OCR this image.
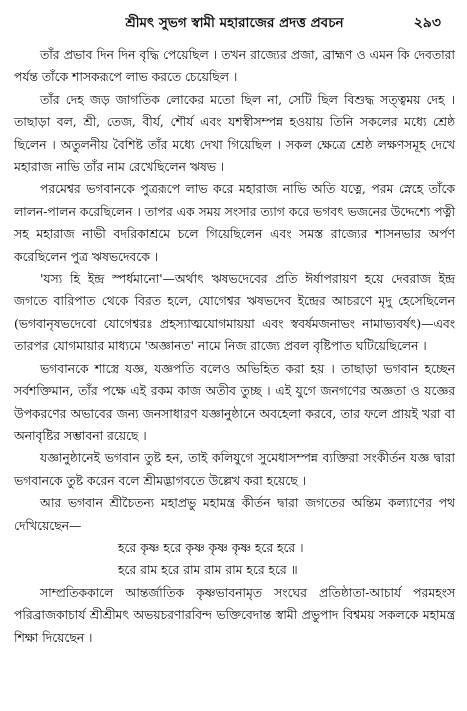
শ্রীমৎ সুভগ স্বামী মহারাজের প্রদত্ত প্রবচন	২৯৩

তাঁর প্রভাব দিন দিন বৃদ্ধি পেয়েছিল । তখন রাজ্যের প্রজা, ব্রাহ্মণ ও এমন কি দেবতারা পর্যন্ত তাঁকে শাসকরূপে লাভ করতে চেয়েছিল ।

তাঁর দেহ জড় জাগতিক লোকের মতো ছিল না, সেটি ছিল বিশুদ্ধ সত্ত্বময় দেহ । তাছাড়া বল, শ্রী, তেজ, বীর্য, শৌর্য এবং যশস্বীসম্পন্ন হওয়ায় তিনি সকলের মধ্যে শ্রেষ্ঠ ছিলেন । অতুলনীয় বৈশিষ্ট তাঁর মধ্যে দেখা গিয়েছিল । সকল ক্ষেত্রে শ্রেষ্ঠ লক্ষণসমূহ দেখে মহারাজ নাভি তাঁর নাম রেখেছিলেন ঋষভ ।

পরমেশ্বর ভগবানকে পুত্ররূপে লাভ করে মহারাজ নাভি অতি যত্নে, পরম স্নেহে তাঁকে লালন-পালন করেছিলেন । তাপর এক সময় সংসার ত্যাগ করে ভগবৎ ভজনের উদ্দেশ্যে পত্নী সহ মহারাজ নাভী বদরিকাশ্রমে চলে গিয়েছিলেন এবং সমস্ত রাজ্যের শাসনভার অর্পণ করেছিলেন পুত্র ঋষভদেবকে ।

'যস্য হি ইন্দ্র স্পর্ধমানো'—অর্থাৎ ঋষভদেবের প্রতি ঈর্ষাপরায়ণ হয়ে দেবরাজ ইন্দ্র জগতে বারিপাত থেকে বিরত হলে, যোগেশ্বর ঋষভদেব ইন্দ্রের আচরণে মৃদু হেসেছিলেন (ভগবানৃষভদেবো যোগেশ্বরঃ প্রহস্যাত্মযোগমায়য়া এবং স্ববর্ষমজনাভং নামাভ্যবর্ষৎ)—এবং তারপর যোগমায়ার মাধ্যমে 'অজ্ঞানত' নামে নিজ রাজ্যে প্রবল বৃষ্টিপাত ঘটিয়েছিলেন ।

ভগবানকে শাস্ত্রে যজ্ঞ, যজ্ঞপতি বলেও অভিহিত করা হয় । তাছাড়া ভগবান হচ্ছেন সর্বশক্তিমান, তাঁর পক্ষে এই রকম কাজ অতীব তুচ্ছ । এই যুগে জনগণের অজ্ঞতা ও যজ্ঞের উপকরণের অভাবের জন্য জনসাধারণ যজ্ঞানুষ্ঠানে অবহেলা করবে, তার ফলে প্রায়ই খরা বা অনাবৃষ্টির সম্ভাবনা রয়েছে ।

যজ্ঞানুষ্ঠানেই ভগবান তুষ্ট হন, তাই কলিযুগে সুমেধাসম্পন্ন ব্যক্তিরা সংকীর্তন যজ্ঞ দ্বারা ভগবানকে তুষ্ট করেন বলে শ্রীমদ্ভাগবতে উল্লেখ করা হয়েছে ।

আর ভগবান শ্রীচৈতন্য মহাপ্রভু মহামন্ত্র কীর্তন দ্বারা জগতের অন্তিম কল্যাণের পথ দেখিয়েছেন—

হরে কৃষ্ণ হরে কৃষ্ণ কৃষ্ণ কৃষ্ণ হরে হরে ।

হরে রাম হরে রাম রাম রাম হরে হরে ॥

সাম্প্রতিককালে আন্তর্জাতিক কৃষ্ণভাবনামৃত সংঘের প্রতিষ্ঠাতা-আচার্য পরমহংস পরিব্রাজকাচার্য শ্রীশ্রীমৎ অভয়চরণারবিন্দ ভক্তিবেদান্ত স্বামী প্রভুপাদ বিশ্বময় সকলকে মহামন্ত্র শিক্ষা দিয়েছেন ।
